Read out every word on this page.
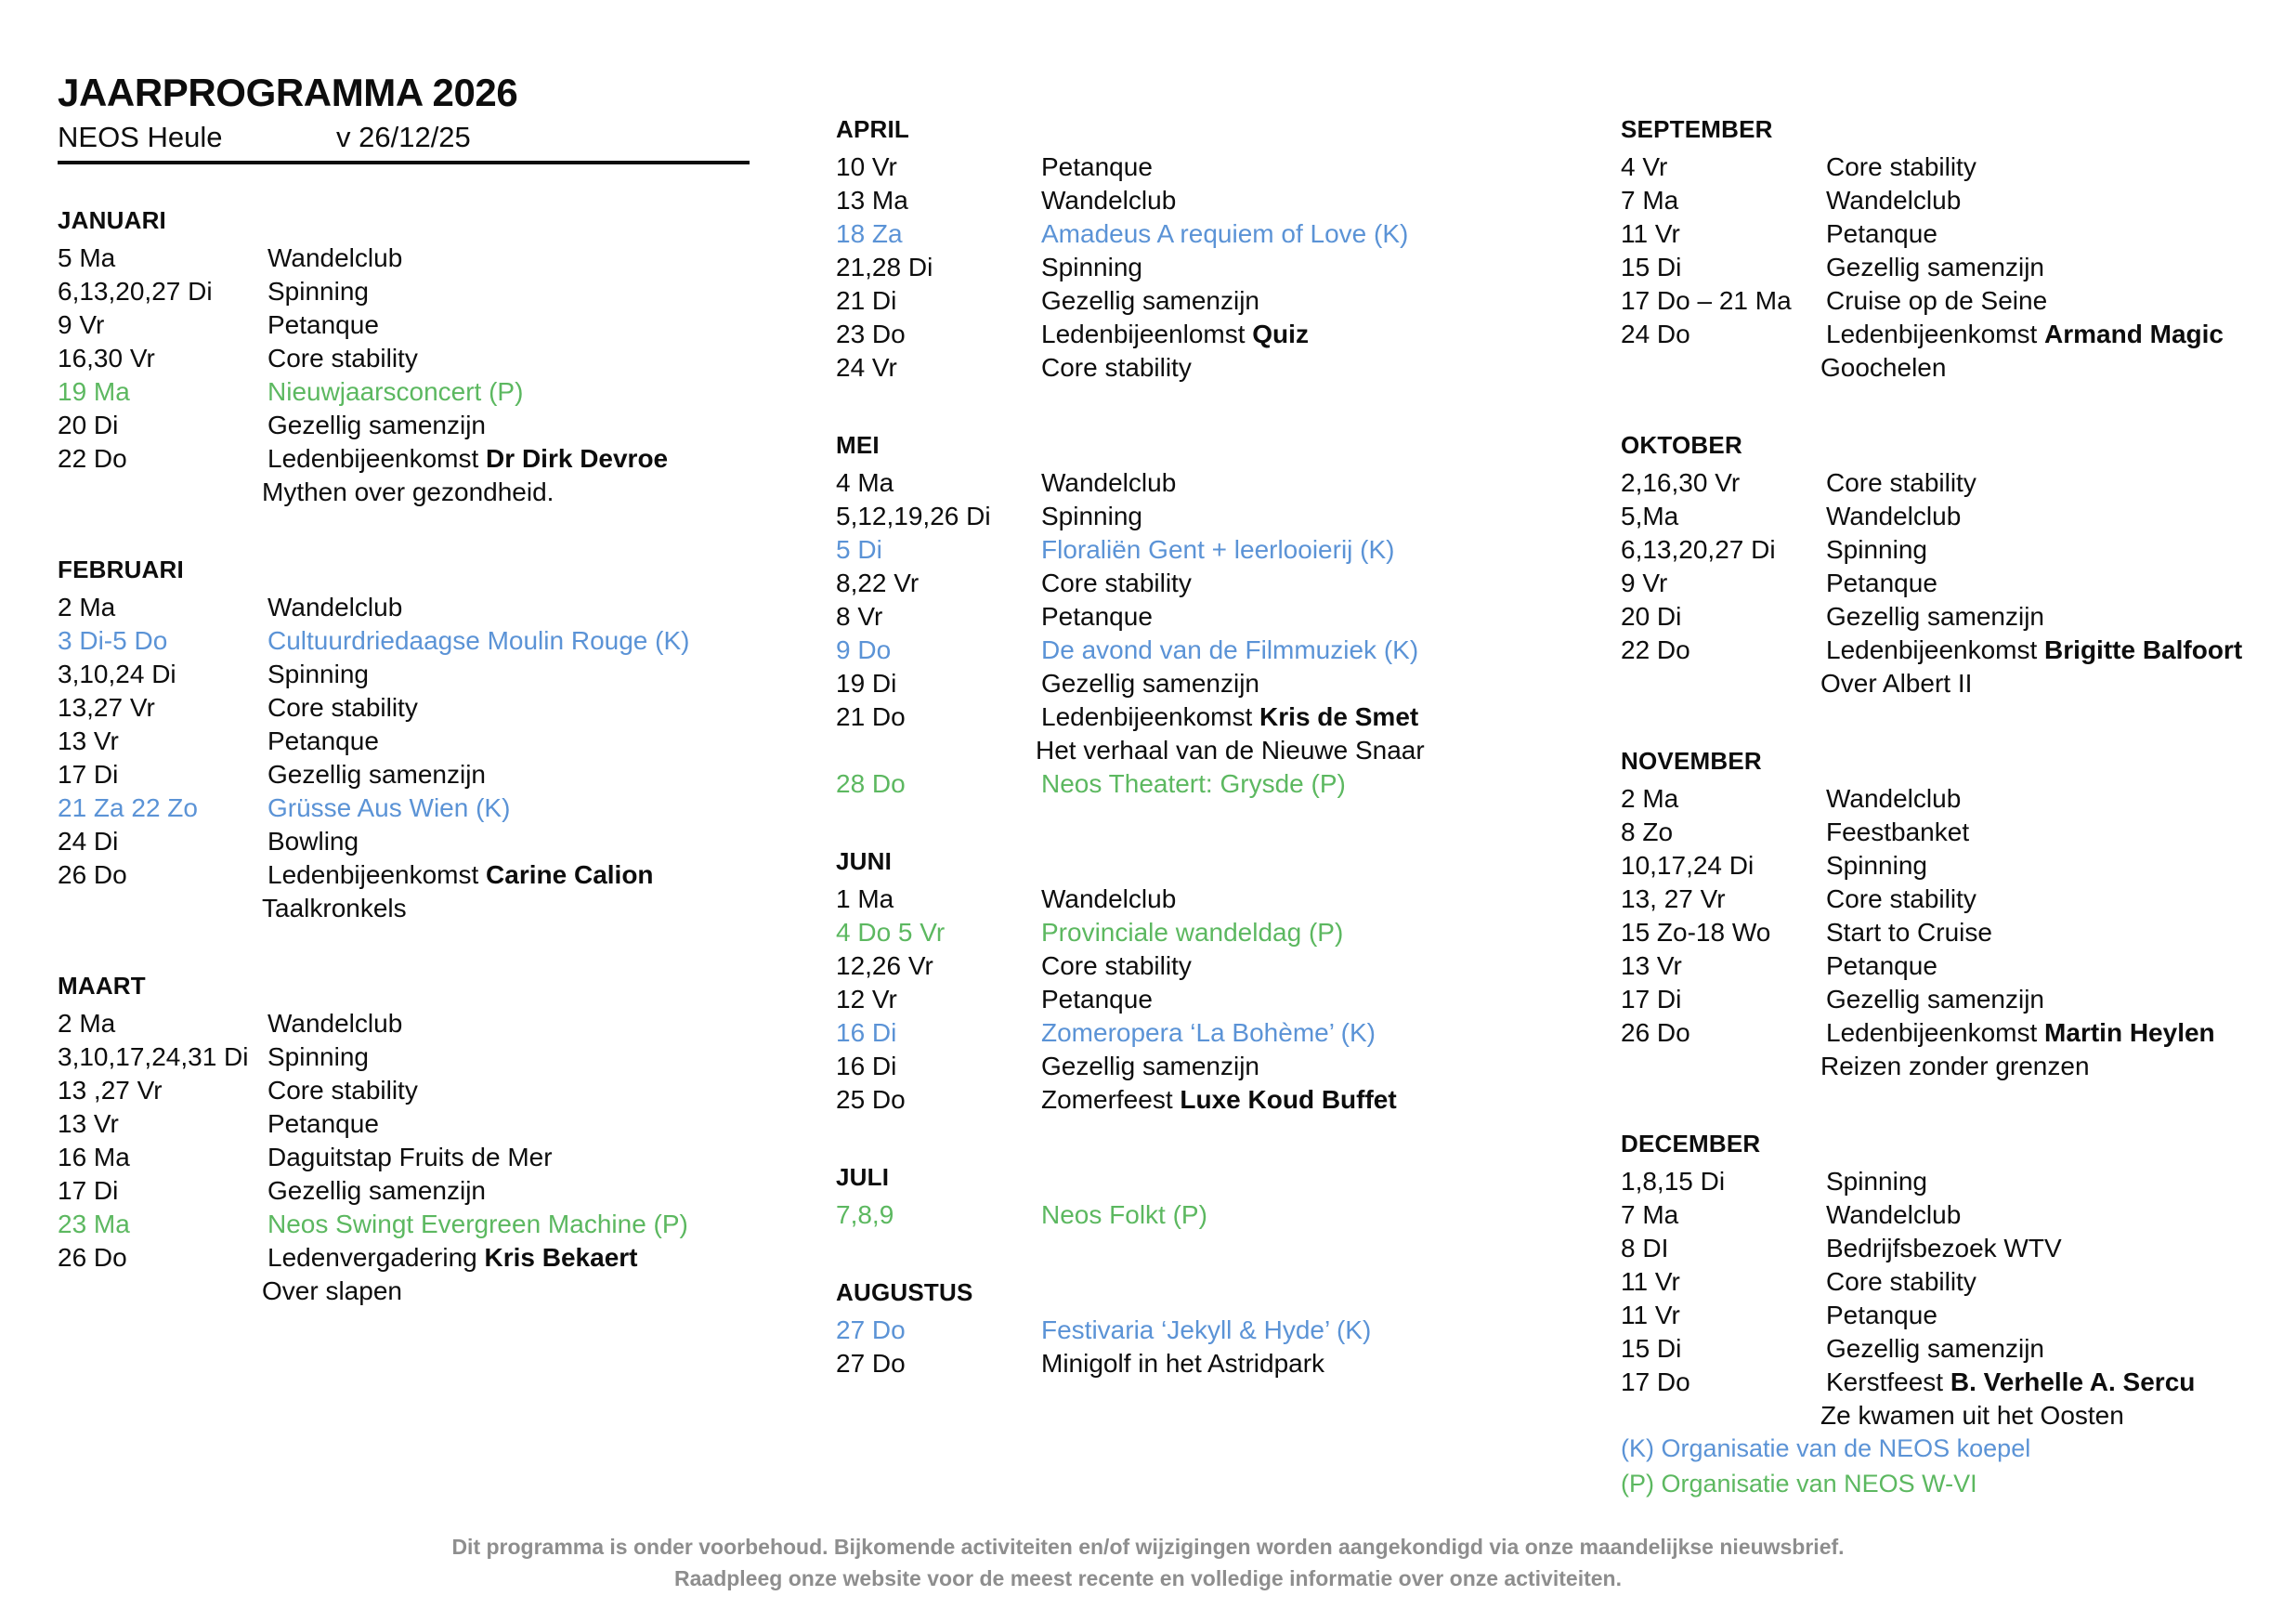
JAARPROGRAMMA 2026
NEOS Heule	v 26/12/25
JANUARI
5 Ma	Wandelclub
6,13,20,27 Di	Spinning
9 Vr	Petanque
16,30 Vr	Core stability
19 Ma	Nieuwjaarsconcert (P)
20 Di	Gezellig samenzijn
22 Do	Ledenbijeenkomst Dr Dirk Devroe
Mythen over gezondheid.
FEBRUARI
2 Ma	Wandelclub
3 Di-5 Do	Cultuurdriedaagse Moulin Rouge (K)
3,10,24 Di	Spinning
13,27 Vr	Core stability
13 Vr	Petanque
17 Di	Gezellig samenzijn
21 Za 22 Zo	Grüsse Aus Wien (K)
24 Di	Bowling
26 Do	Ledenbijeenkomst Carine Calion
Taalkronkels
MAART
2 Ma	Wandelclub
3,10,17,24,31 Di Spinning
13 ,27 Vr	Core stability
13 Vr	Petanque
16 Ma	Daguitstap Fruits de Mer
17 Di	Gezellig samenzijn
23 Ma	Neos Swingt Evergreen Machine (P)
26 Do	Ledenvergadering Kris Bekaert
Over slapen
APRIL
10 Vr	Petanque
13 Ma	Wandelclub
18 Za	Amadeus A requiem of Love (K)
21,28 Di	Spinning
21 Di	Gezellig samenzijn
23 Do	Ledenbijeenlomst Quiz
24 Vr	Core stability
MEI
4 Ma	Wandelclub
5,12,19,26 Di	Spinning
5 Di	Floraliën Gent + leerlooierij (K)
8,22 Vr	Core stability
8 Vr	Petanque
9 Do	De avond van de Filmmuziek (K)
19 Di	Gezellig samenzijn
21 Do	Ledenbijeenkomst Kris de Smet
Het verhaal van de Nieuwe Snaar
28 Do	Neos Theatert: Grysde (P)
JUNI
1 Ma	Wandelclub
4 Do 5 Vr	Provinciale wandeldag (P)
12,26 Vr	Core stability
12 Vr	Petanque
16 Di	Zomeropera ‘La Bohème’ (K)
16 Di	Gezellig samenzijn
25 Do	Zomerfeest Luxe Koud Buffet
JULI
7,8,9	Neos Folkt (P)
AUGUSTUS
27 Do	Festivaria ‘Jekyll & Hyde’ (K)
27 Do	Minigolf in het Astridpark
SEPTEMBER
4 Vr	Core stability
7 Ma	Wandelclub
11 Vr	Petanque
15 Di	Gezellig samenzijn
17 Do – 21 Ma	Cruise op de Seine
24 Do	Ledenbijeenkomst Armand Magic
Goochelen
OKTOBER
2,16,30 Vr	Core stability
5,Ma	Wandelclub
6,13,20,27 Di	Spinning
9 Vr	Petanque
20 Di	Gezellig samenzijn
22 Do	Ledenbijeenkomst Brigitte Balfoort
Over Albert II
NOVEMBER
2 Ma	Wandelclub
8 Zo	Feestbanket
10,17,24 Di	Spinning
13, 27 Vr	Core stability
15 Zo-18 Wo	Start to Cruise
13 Vr	Petanque
17 Di	Gezellig samenzijn
26 Do	Ledenbijeenkomst Martin Heylen
Reizen zonder grenzen
DECEMBER
1,8,15 Di	Spinning
7 Ma	Wandelclub
8 DI	Bedrijfsbezoek WTV
11 Vr	Core stability
11 Vr	Petanque
15 Di	Gezellig samenzijn
17 Do	Kerstfeest B. Verhelle A. Sercu
Ze kwamen uit het Oosten
(K) Organisatie van de NEOS koepel
(P) Organisatie van NEOS W-VI
Dit programma is onder voorbehoud. Bijkomende activiteiten en/of wijzigingen worden aangekondigd via onze maandelijkse nieuwsbrief.
Raadpleeg onze website voor de meest recente en volledige informatie over onze activiteiten.
